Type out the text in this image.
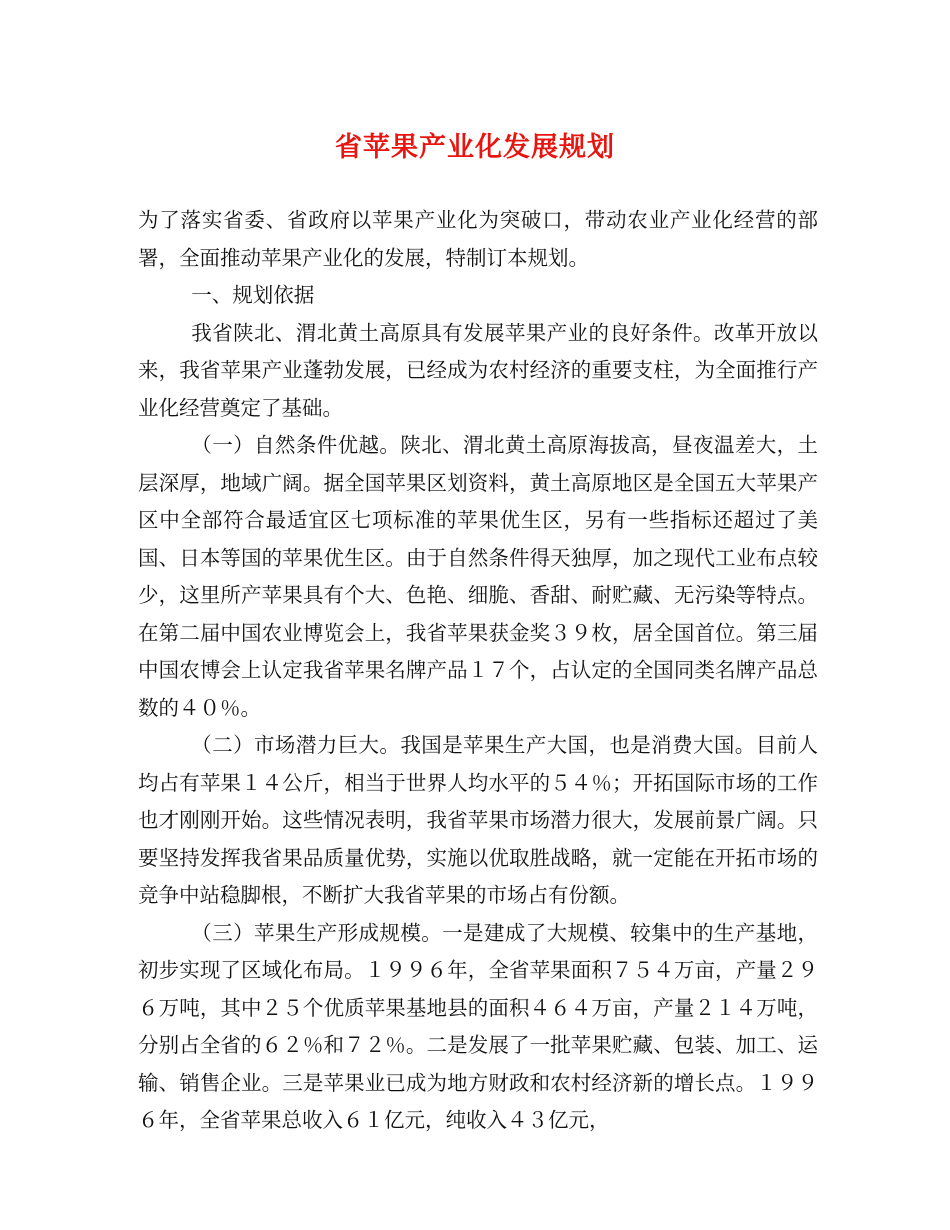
省苹果产业化发展规划

为了落实省委、省政府以苹果产业化为突破口，带动农业产业化经营的部署，全面推动苹果产业化的发展，特制订本规划。

一、规划依据

我省陕北、渭北黄土高原具有发展苹果产业的良好条件。改革开放以来，我省苹果产业蓬勃发展，已经成为农村经济的重要支柱，为全面推行产业化经营奠定了基础。

（一）自然条件优越。陕北、渭北黄土高原海拔高，昼夜温差大，土层深厚，地域广阔。据全国苹果区划资料，黄土高原地区是全国五大苹果产区中全部符合最适宜区七项标准的苹果优生区，另有一些指标还超过了美国、日本等国的苹果优生区。由于自然条件得天独厚，加之现代工业布点较少，这里所产苹果具有个大、色艳、细脆、香甜、耐贮藏、无污染等特点。在第二届中国农业博览会上，我省苹果获金奖３９枚，居全国首位。第三届中国农博会上认定我省苹果名牌产品１７个，占认定的全国同类名牌产品总数的４０％。

（二）市场潜力巨大。我国是苹果生产大国，也是消费大国。目前人均占有苹果１４公斤，相当于世界人均水平的５４％；开拓国际市场的工作也才刚刚开始。这些情况表明，我省苹果市场潜力很大，发展前景广阔。只要坚持发挥我省果品质量优势，实施以优取胜战略，就一定能在开拓市场的竞争中站稳脚根，不断扩大我省苹果的市场占有份额。

（三）苹果生产形成规模。一是建成了大规模、较集中的生产基地，初步实现了区域化布局。１９９６年，全省苹果面积７５４万亩，产量２９６万吨，其中２５个优质苹果基地县的面积４６４万亩，产量２１４万吨，分别占全省的６２％和７２％。二是发展了一批苹果贮藏、包装、加工、运输、销售企业。三是苹果业已成为地方财政和农村经济新的增长点。１９９６年，全省苹果总收入６１亿元，纯收入４３亿元，
